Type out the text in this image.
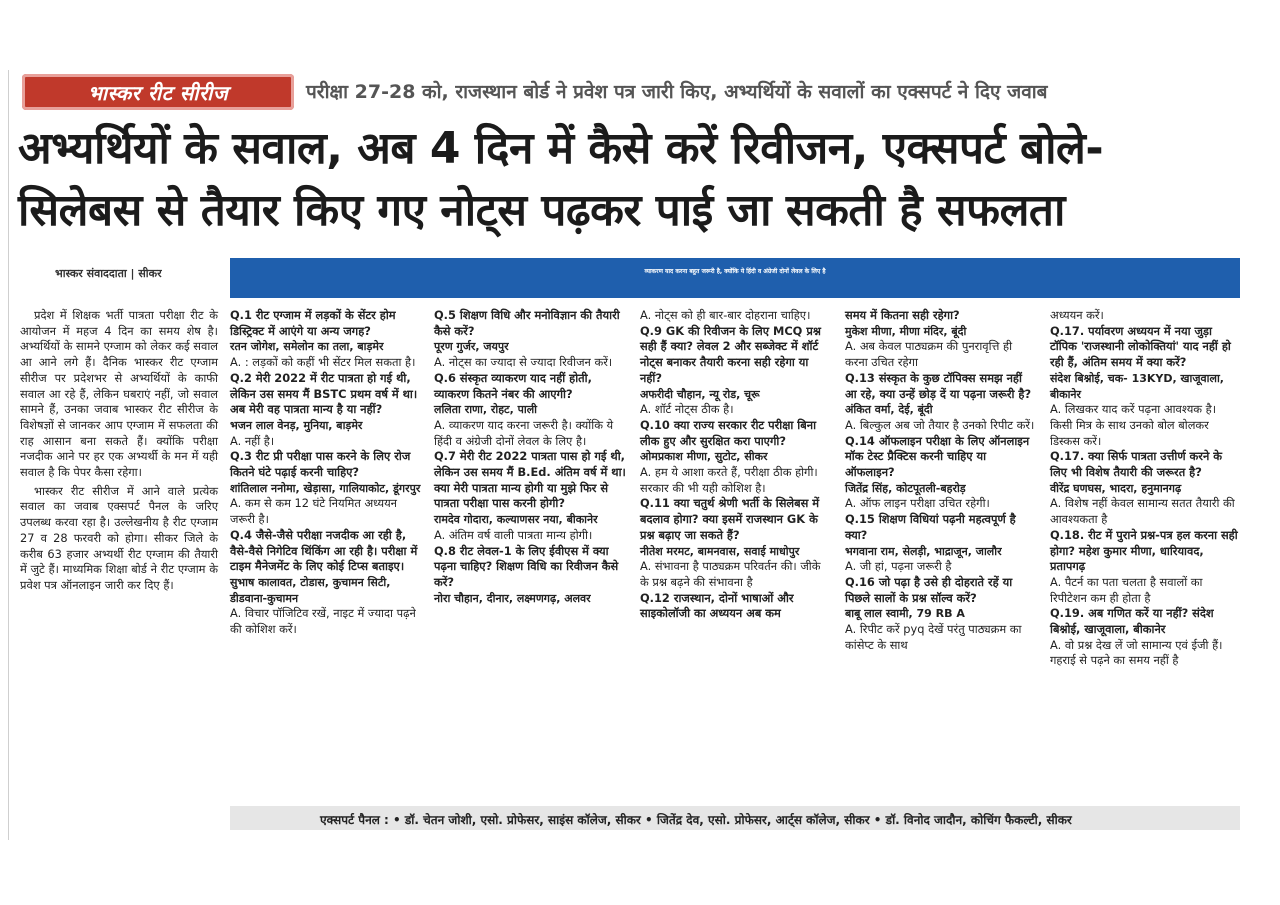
भास्कर रीट सीरीज	परीक्षा 27-28 को, राजस्थान बोर्ड ने प्रवेश पत्र जारी किए, अभ्यर्थियों के सवालों का एक्सपर्ट ने दिए जवाब
अभ्यर्थियों के सवाल, अब 4 दिन में कैसे करें रिवीजन, एक्सपर्ट बोले-
सिलेबस से तैयार किए गए नोट्स पढ़कर पाई जा सकती है सफलता
भास्कर संवाददाता | सीकर	व्याकरण याद करना बहुत जरूरी है, क्योंकि ये हिंदी व अंग्रेजी दोनों लेवल के लिए है

प्रदेश में शिक्षक भर्ती पात्रता परीक्षा रीट के आयोजन में महज 4 दिन का समय शेष है। अभ्यर्थियों के सामने एग्जाम को लेकर कई सवाल आ आने लगे हैं। दैनिक भास्कर रीट एग्जाम सीरीज पर प्रदेशभर से अभ्यर्थियों के काफी सवाल आ रहे हैं, लेकिन घबराएं नहीं, जो सवाल सामने हैं, उनका जवाब भास्कर रीट सीरीज के विशेषज्ञों से जानकर आप एग्जाम में सफलता की राह आसान बना सकते हैं। क्योंकि परीक्षा नजदीक आने पर हर एक अभ्यर्थी के मन में यही सवाल है कि पेपर कैसा रहेगा।

भास्कर रीट सीरीज में आने वाले प्रत्येक सवाल का जवाब एक्सपर्ट पैनल के जरिए उपलब्ध करवा रहा है। उल्लेखनीय है रीट एग्जाम 27 व 28 फरवरी को होगा। सीकर जिले के करीब 63 हजार अभ्यर्थी रीट एग्जाम की तैयारी में जुटे हैं। माध्यमिक शिक्षा बोर्ड ने रीट एग्जाम के प्रवेश पत्र ऑनलाइन जारी कर दिए हैं।

Q.1 रीट एग्जाम में लड़कों के सेंटर होम डिस्ट्रिक्ट में आएंगे या अन्य जगह?
रतन जोगेश, समेलोन का तला, बाड़मेर
A. : लड़कों को कहीं भी सेंटर मिल सकता है।
Q.2 मेरी 2022 में रीट पात्रता हो गई थी, लेकिन उस समय मैं BSTC प्रथम वर्ष में था। अब मेरी वह पात्रता मान्य है या नहीं?
भजन लाल वेनड़, मुनिया, बाड़मेर
A. नहीं है।
Q.3 रीट प्री परीक्षा पास करने के लिए रोज कितने घंटे पढ़ाई करनी चाहिए?
शांतिलाल ननोमा, खेड़ासा, गालियाकोट, डूंगरपुर
A. कम से कम 12 घंटे नियमित अध्ययन जरूरी है।
Q.4 जैसे-जैसे परीक्षा नजदीक आ रही है, वैसे-वैसे निगेटिव थिंकिंग आ रही है। परीक्षा में टाइम मैनेजमेंट के लिए कोई टिप्स बताइए।
सुभाष कालावत, टोडास, कुचामन सिटी, डीडवाना-कुचामन
A. विचार पॉजिटिव रखें, नाइट में ज्यादा पढ़ने की कोशिश करें।
Q.5 शिक्षण विधि और मनोविज्ञान की तैयारी कैसे करें?
पूरण गुर्जर, जयपुर
A. नोट्स का ज्यादा से ज्यादा रिवीजन करें।
Q.6 संस्कृत व्याकरण याद नहीं होती, व्याकरण कितने नंबर की आएगी?
ललिता राणा, रोहट, पाली
A. व्याकरण याद करना जरूरी है। क्योंकि ये हिंदी व अंग्रेजी दोनों लेवल के लिए है।
Q.7 मेरी रीट 2022 पात्रता पास हो गई थी, लेकिन उस समय मैं B.Ed. अंतिम वर्ष में था। क्या मेरी पात्रता मान्य होगी या मुझे फिर से पात्रता परीक्षा पास करनी होगी?
रामदेव गोदारा, कल्याणसर नया, बीकानेर
A. अंतिम वर्ष वाली पात्रता मान्य होगी।
Q.8 रीट लेवल-1 के लिए ईवीएस में क्या पढ़ना चाहिए? शिक्षण विधि का रिवीजन कैसे करें?
नोरा चौहान, दीनार, लक्ष्मणगढ़, अलवर
A. नोट्स को ही बार-बार दोहराना चाहिए।
Q.9 GK की रिवीजन के लिए MCQ प्रश्न सही हैं क्या? लेवल 2 और सब्जेक्ट में शॉर्ट नोट्स बनाकर तैयारी करना सही रहेगा या नहीं?
अफरीदी चौहान, न्यू रोड, चूरू
A. शॉर्ट नोट्स ठीक है।
Q.10 क्या राज्य सरकार रीट परीक्षा बिना लीक हुए और सुरक्षित करा पाएगी?
ओमप्रकाश मीणा, सुटोट, सीकर
A. हम ये आशा करते हैं, परीक्षा ठीक होगी। सरकार की भी यही कोशिश है।
Q.11 क्या चतुर्थ श्रेणी भर्ती के सिलेबस में बदलाव होगा? क्या इसमें राजस्थान GK के प्रश्न बढ़ाए जा सकते हैं?
नीतेश मरमट, बामनवास, सवाई माधोपुर
A. संभावना है पाठ्यक्रम परिवर्तन की। जीके के प्रश्न बढ़ने की संभावना है
Q.12 राजस्थान, दोनों भाषाओं और साइकोलॉजी का अध्ययन अब कम
समय में कितना सही रहेगा?
मुकेश मीणा, मीणा मंदिर, बूंदी
A. अब केवल पाठ्यक्रम की पुनरावृत्ति ही करना उचित रहेगा
Q.13 संस्कृत के कुछ टॉपिक्स समझ नहीं आ रहे, क्या उन्हें छोड़ दें या पढ़ना जरूरी है?
अंकित वर्मा, देई, बूंदी
A. बिल्कुल अब जो तैयार है उनको रिपीट करें।
Q.14 ऑफलाइन परीक्षा के लिए ऑनलाइन मॉक टेस्ट प्रैक्टिस करनी चाहिए या ऑफलाइन?
जितेंद्र सिंह, कोटपूतली-बहरोड़
A. ऑफ लाइन परीक्षा उचित रहेगी।
Q.15 शिक्षण विधियां पढ़नी महत्वपूर्ण है क्या?
भगवाना राम, सेलड़ी, भाद्राजून, जालौर
A. जी हां, पढ़ना जरूरी है
Q.16 जो पढ़ा है उसे ही दोहराते रहें या पिछले सालों के प्रश्न सॉल्व करें?
बाबू लाल स्वामी, 79 RB A
A. रिपीट करें pyq देखें परंतु पाठ्यक्रम का कांसेप्ट के साथ
अध्ययन करें।
Q.17. पर्यावरण अध्ययन में नया जुड़ा टॉपिक 'राजस्थानी लोकोक्तियां' याद नहीं हो रही हैं, अंतिम समय में क्या करें?
संदेश बिश्नोई, चक- 13KYD, खाजूवाला, बीकानेर
A. लिखकर याद करें पढ़ना आवश्यक है। किसी मित्र के साथ उनको बोल बोलकर डिस्कस करें।
Q.17. क्या सिर्फ पात्रता उत्तीर्ण करने के लिए भी विशेष तैयारी की जरूरत है?
वीरेंद्र घणघस, भादरा, हनुमानगढ़
A. विशेष नहीं केवल सामान्य सतत तैयारी की आवश्यकता है
Q.18. रीट में पुराने प्रश्न-पत्र हल करना सही होगा? महेश कुमार मीणा, धारियावद, प्रतापगढ़
A. पैटर्न का पता चलता है सवालों का रिपीटेशन कम ही होता है
Q.19. अब गणित करें या नहीं? संदेश बिश्नोई, खाजूवाला, बीकानेर
A. वो प्रश्न देख लें जो सामान्य एवं ईजी हैं। गहराई से पढ़ने का समय नहीं है
एक्सपर्ट पैनल : • डॉ. चेतन जोशी, एसो. प्रोफेसर, साइंस कॉलेज, सीकर • जितेंद्र देव, एसो. प्रोफेसर, आर्ट्स कॉलेज, सीकर • डॉ. विनोद जादौन, कोचिंग फैकल्टी, सीकर
